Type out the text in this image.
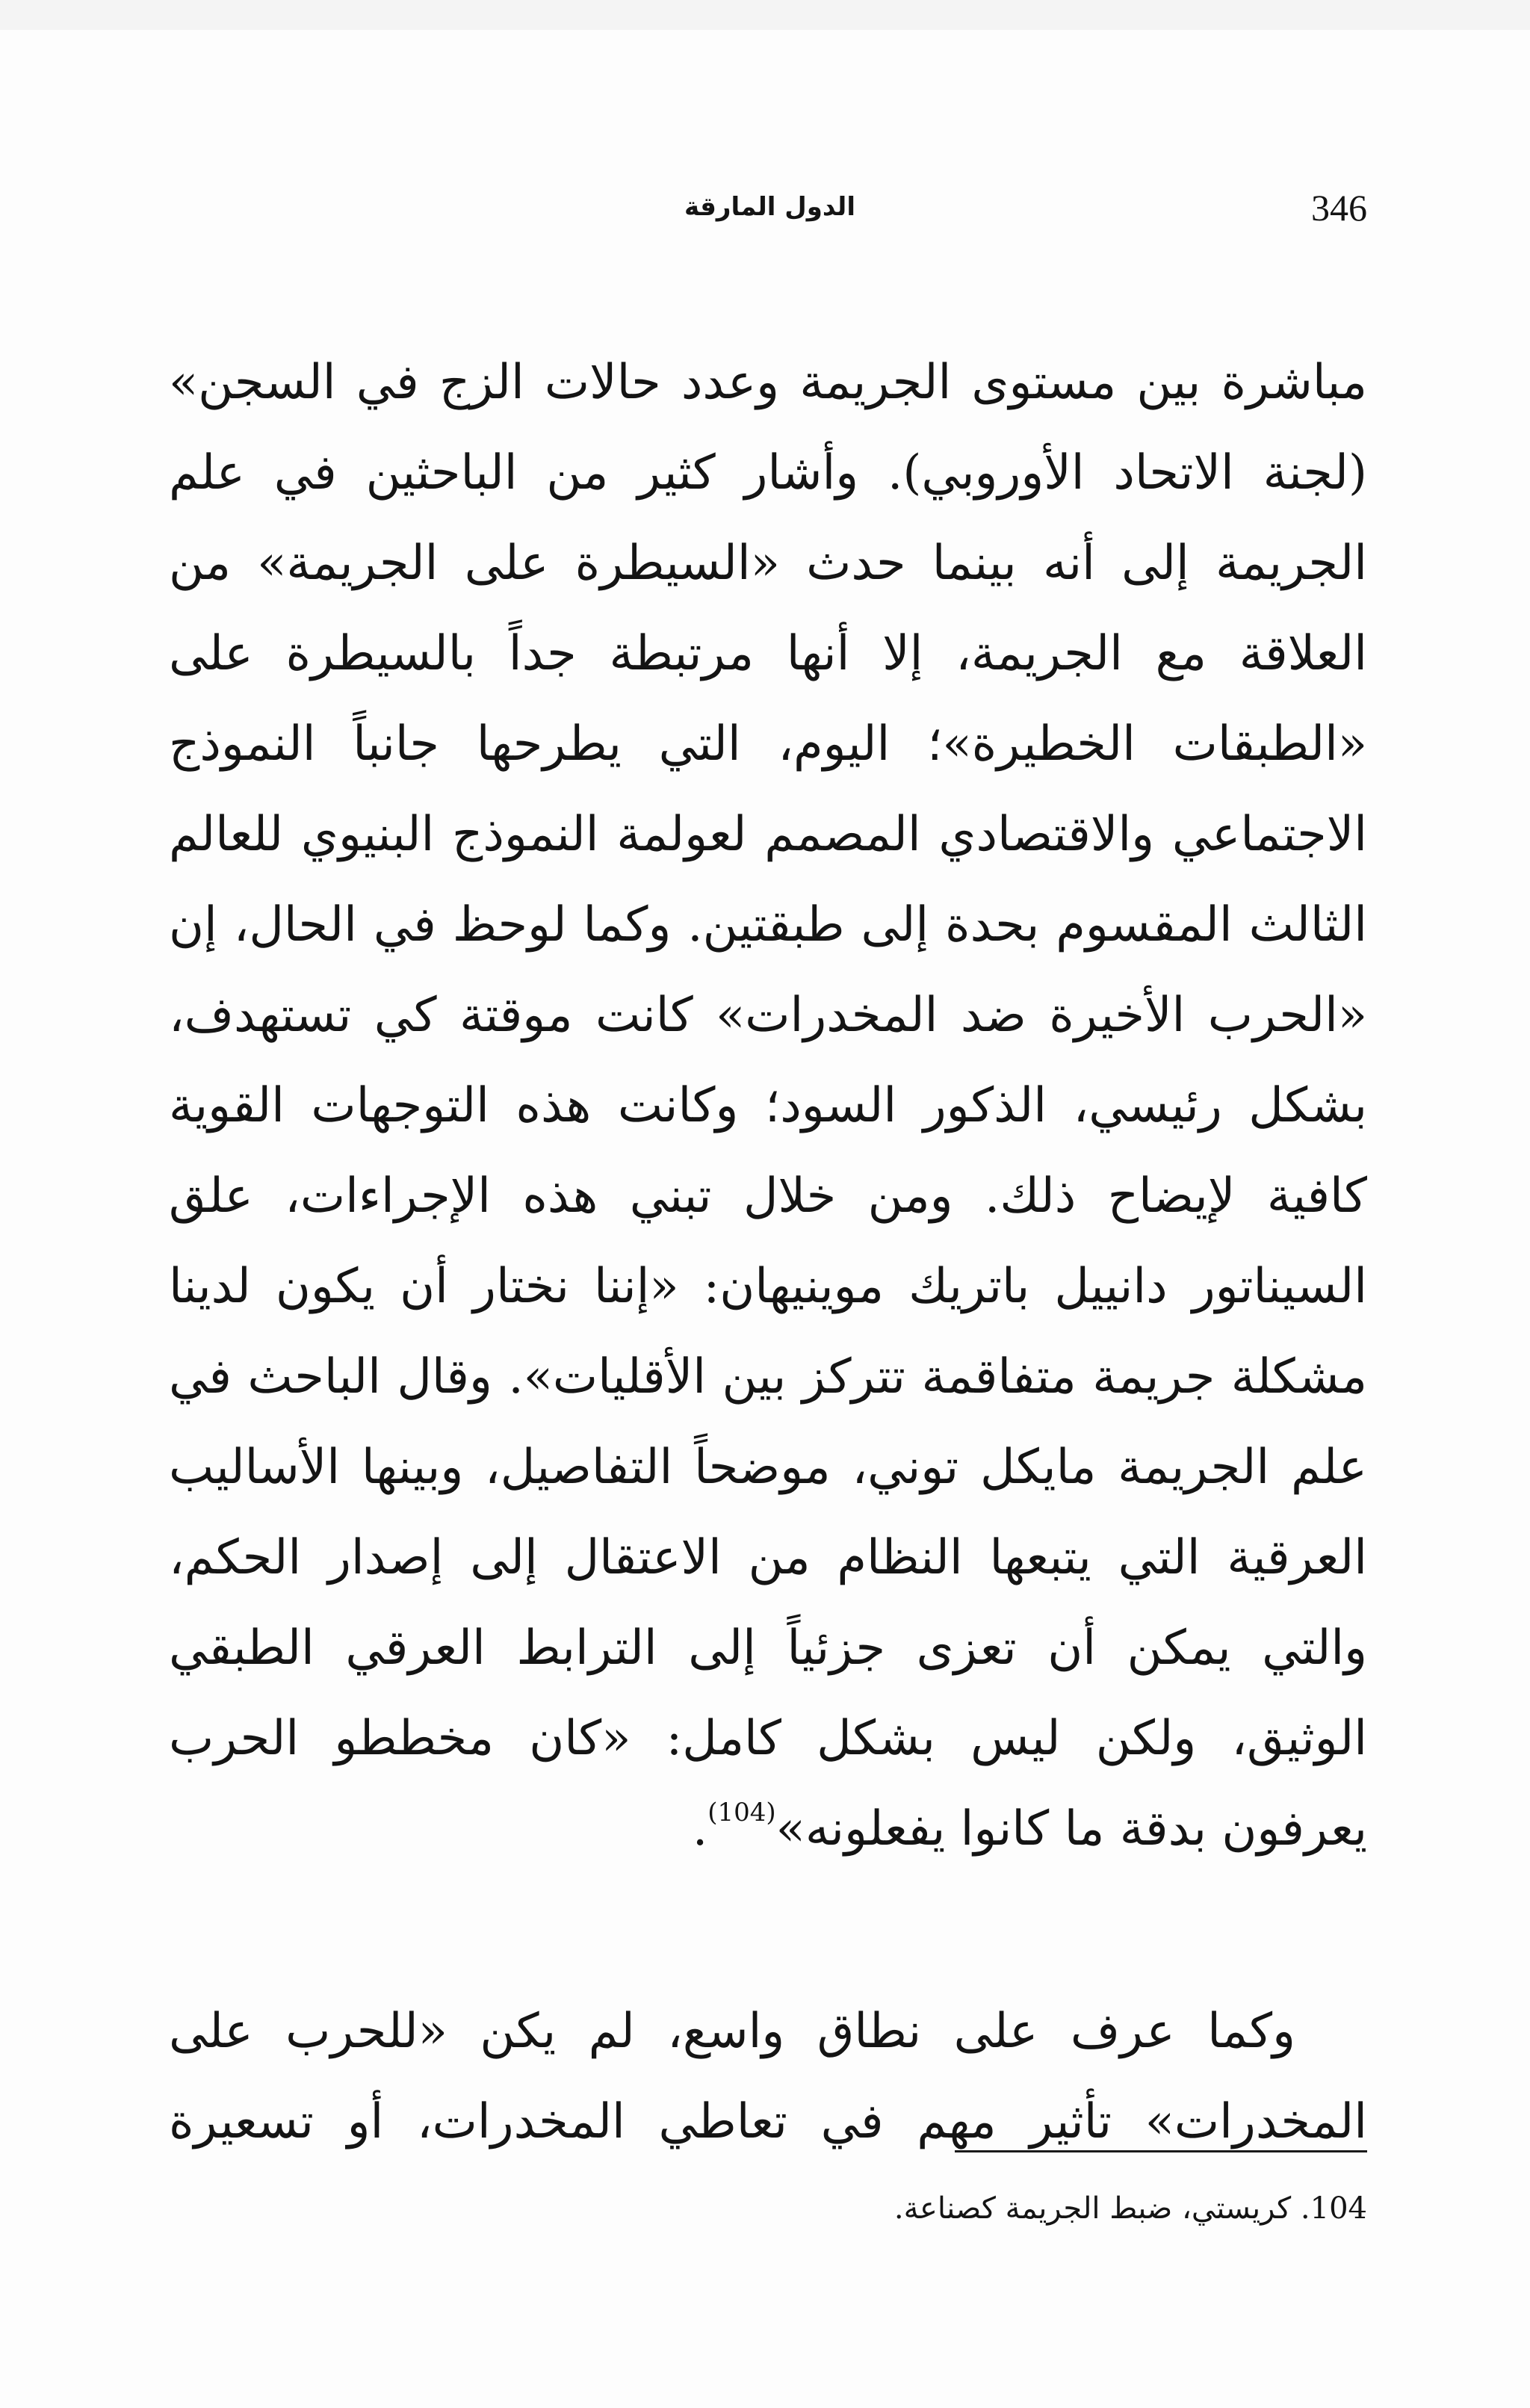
346
الدول المارقة

مباشرة بين مستوى الجريمة وعدد حالات الزج في السجن» (لجنة الاتحاد الأوروبي). وأشار كثير من الباحثين في علم الجريمة إلى أنه بينما حدث «السيطرة على الجريمة» من العلاقة مع الجريمة، إلا أنها مرتبطة جداً بالسيطرة على «الطبقات الخطيرة»؛ اليوم، التي يطرحها جانباً النموذج الاجتماعي والاقتصادي المصمم لعولمة النموذج البنيوي للعالم الثالث المقسوم بحدة إلى طبقتين. وكما لوحظ في الحال، إن «الحرب الأخيرة ضد المخدرات» كانت موقتة كي تستهدف، بشكل رئيسي، الذكور السود؛ وكانت هذه التوجهات القوية كافية لإيضاح ذلك. ومن خلال تبني هذه الإجراءات، علق السيناتور دانييل باتريك موينيهان: «إننا نختار أن يكون لدينا مشكلة جريمة متفاقمة تتركز بين الأقليات». وقال الباحث في علم الجريمة مايكل توني، موضحاً التفاصيل، وبينها الأساليب العرقية التي يتبعها النظام من الاعتقال إلى إصدار الحكم، والتي يمكن أن تعزى جزئياً إلى الترابط العرقي الطبقي الوثيق، ولكن ليس بشكل كامل: «كان مخططو الحرب يعرفون بدقة ما كانوا يفعلونه»$^{(104)}$.

وكما عرف على نطاق واسع، لم يكن «للحرب على المخدرات» تأثير مهم في تعاطي المخدرات، أو تسعيرة

104. كريستي، ضبط الجريمة كصناعة.
